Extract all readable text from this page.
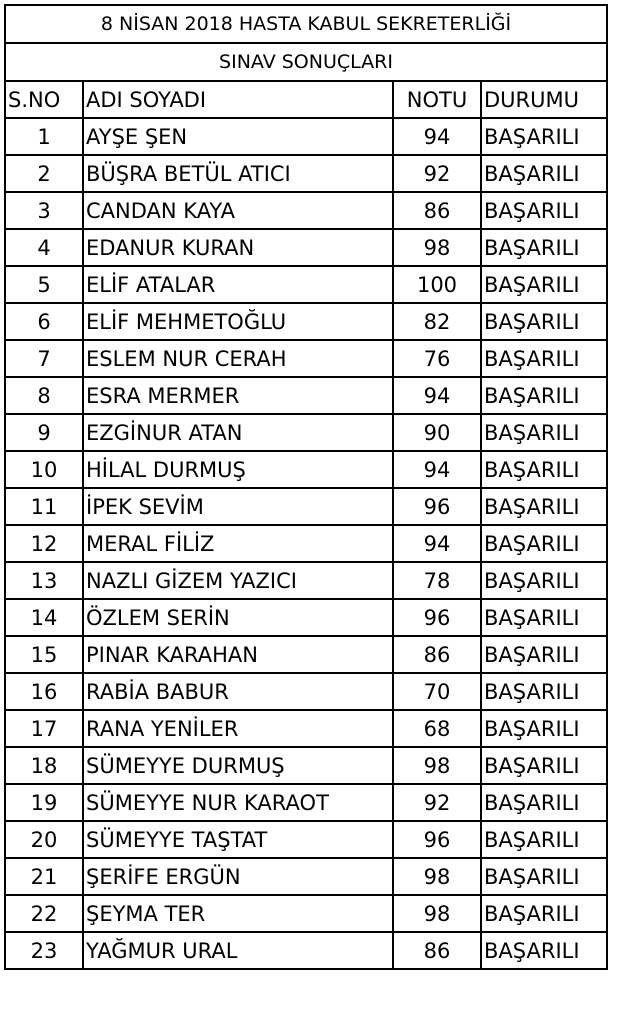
8 NİSAN 2018 HASTA KABUL SEKRETERLİĞİ			
SINAV SONUÇLARI			
S.NO	ADI SOYADI	NOTU	DURUMU
1	AYŞE ŞEN	94	BAŞARILI
2	BÜŞRA BETÜL ATICI	92	BAŞARILI
3	CANDAN KAYA	86	BAŞARILI
4	EDANUR KURAN	98	BAŞARILI
5	ELİF ATALAR	100	BAŞARILI
6	ELİF MEHMETOĞLU	82	BAŞARILI
7	ESLEM NUR CERAH	76	BAŞARILI
8	ESRA MERMER	94	BAŞARILI
9	EZGİNUR ATAN	90	BAŞARILI
10	HİLAL DURMUŞ	94	BAŞARILI
11	İPEK SEVİM	96	BAŞARILI
12	MERAL FİLİZ	94	BAŞARILI
13	NAZLI GİZEM YAZICI	78	BAŞARILI
14	ÖZLEM SERİN	96	BAŞARILI
15	PINAR KARAHAN	86	BAŞARILI
16	RABİA BABUR	70	BAŞARILI
17	RANA YENİLER	68	BAŞARILI
18	SÜMEYYE DURMUŞ	98	BAŞARILI
19	SÜMEYYE NUR KARAOT	92	BAŞARILI
20	SÜMEYYE TAŞTAT	96	BAŞARILI
21	ŞERİFE ERGÜN	98	BAŞARILI
22	ŞEYMA TER	98	BAŞARILI
23	YAĞMUR URAL	86	BAŞARILI
